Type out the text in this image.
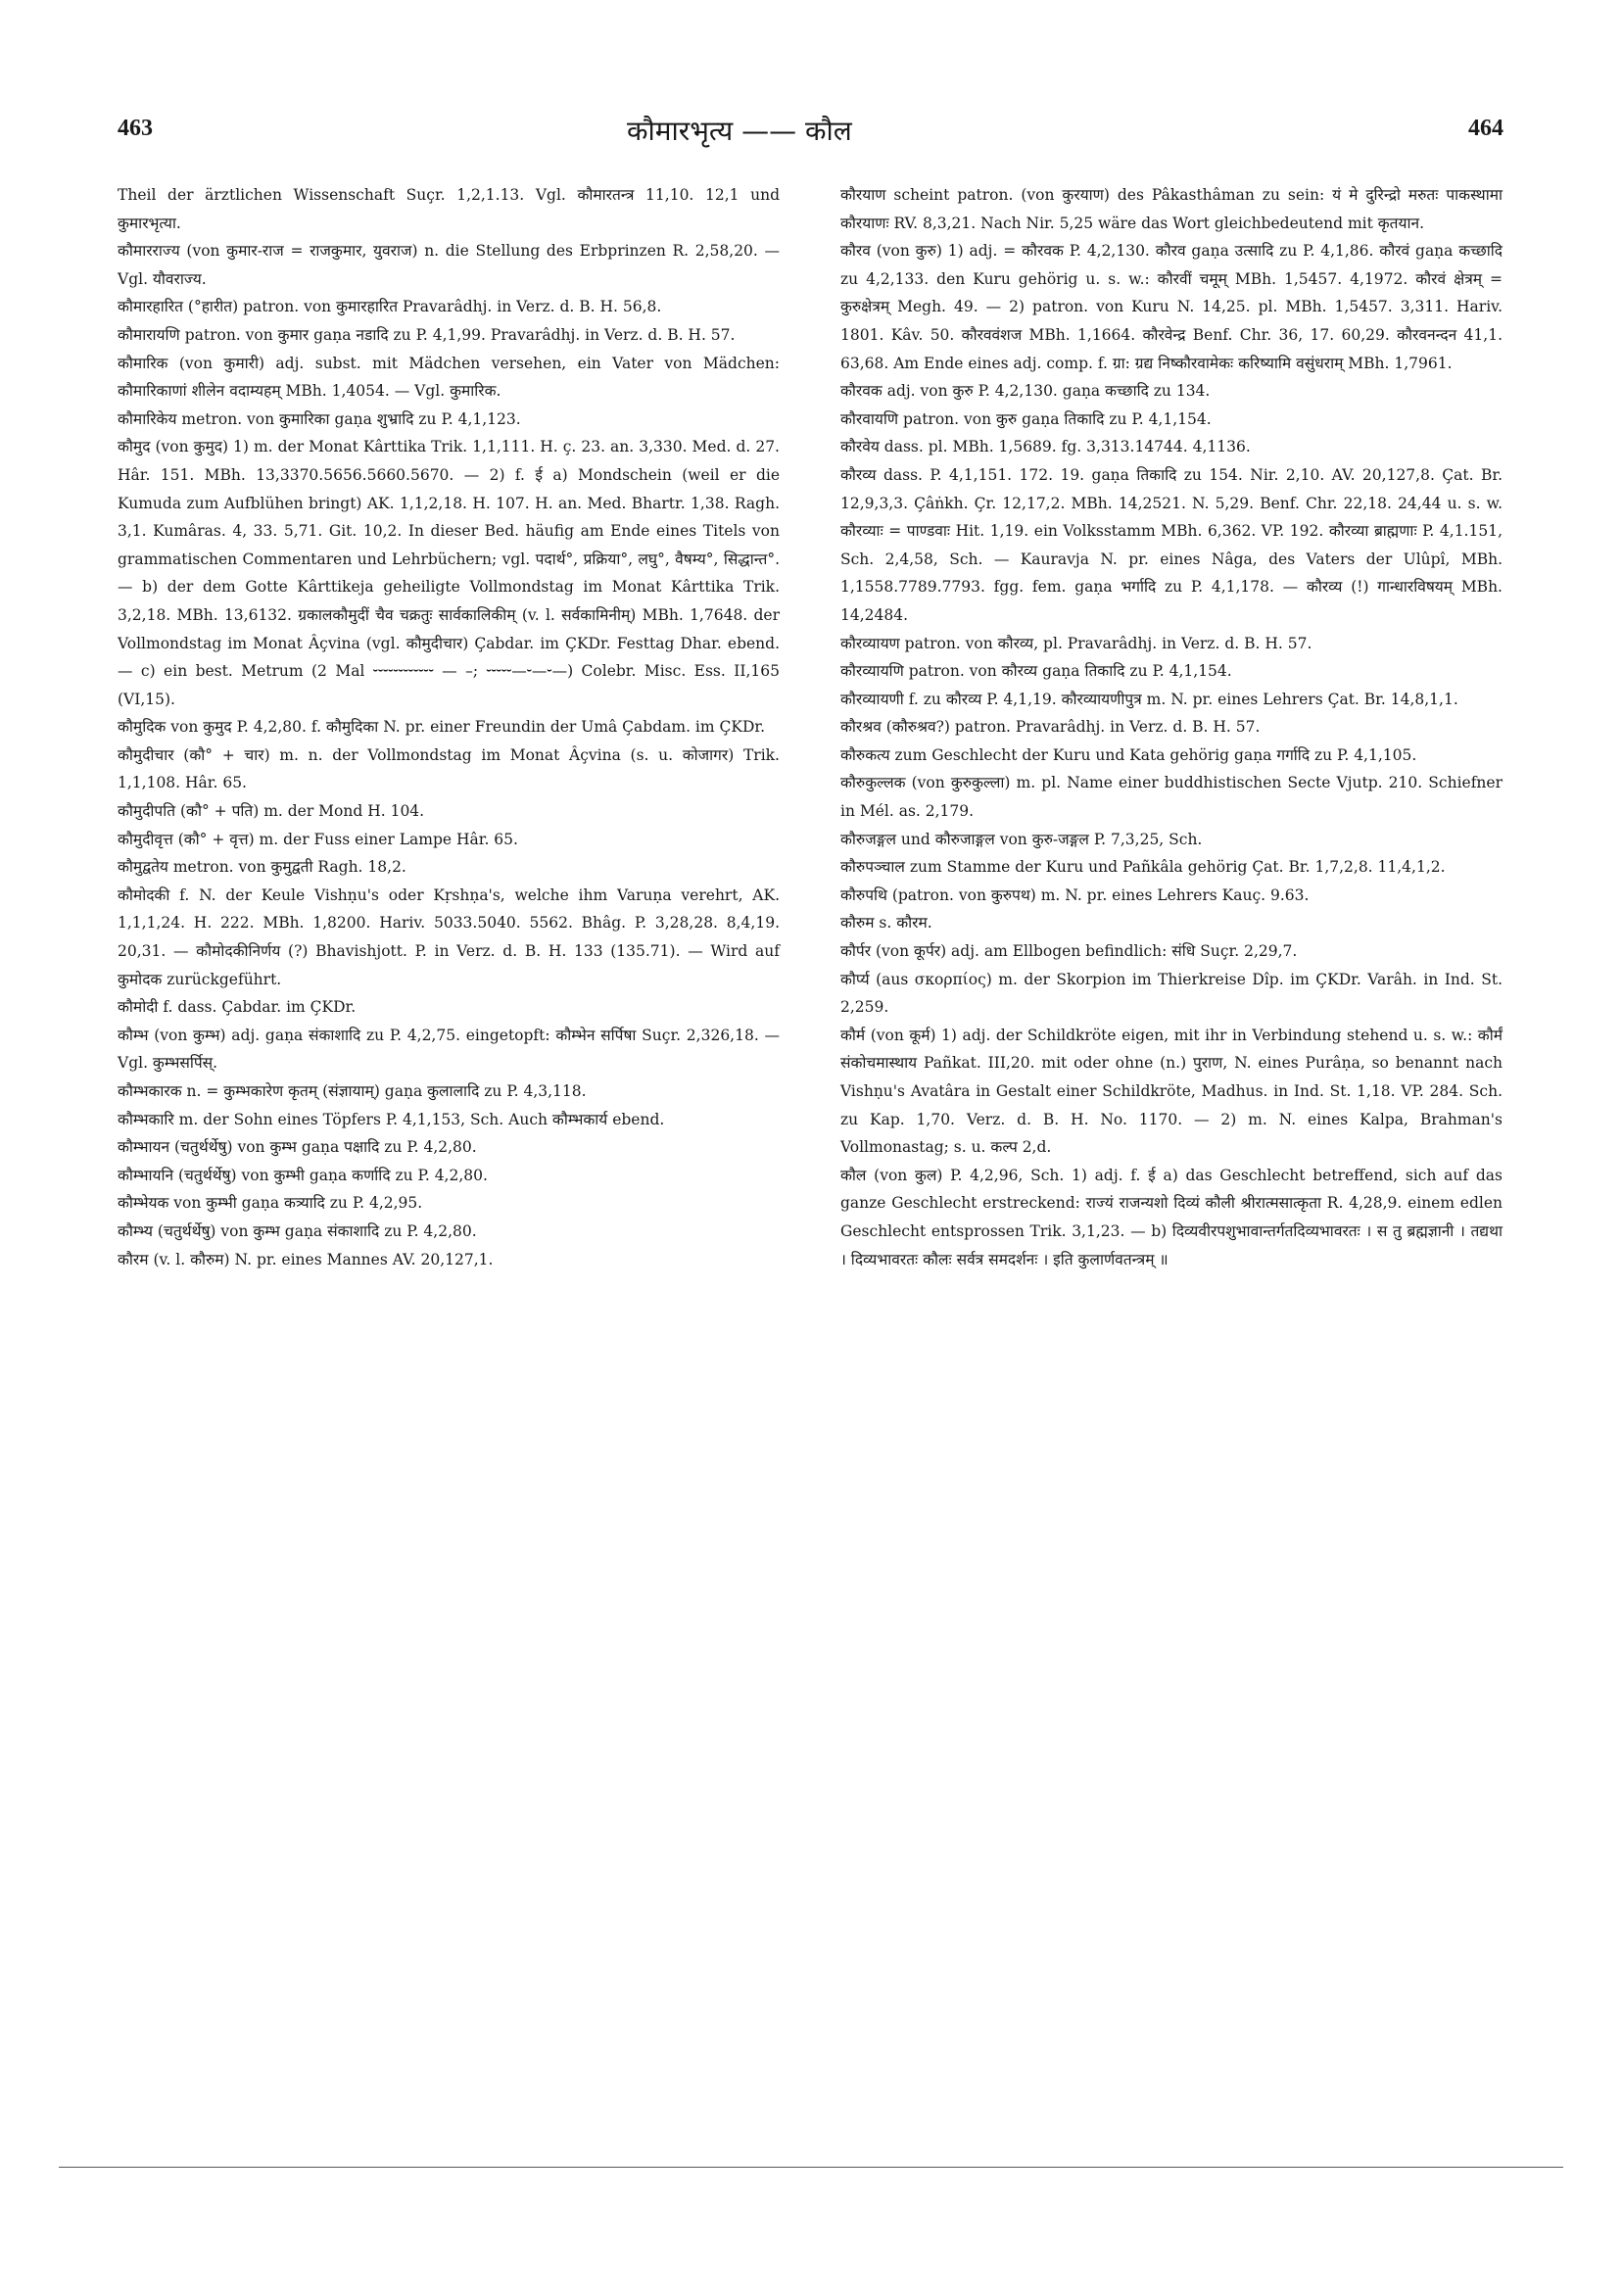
463	कौमारभृत्य —— कौल	464

Theil der ärztlichen Wissenschaft Suçr. 1,2,1.13. Vgl. कौमारतन्त्र 11,10. 12,1 und कुमारभृत्या.

कौमारराज्य (von कुमार-राज = राजकुमार, युवराज) n. die Stellung des Erbprinzen R. 2,58,20. — Vgl. यौवराज्य.

कौमारहारित (°हारीत) patron. von कुमारहारित Pravarâdhj. in Verz. d. B. H. 56,8.

कौमारायणि patron. von कुमार gaṇa नडादि zu P. 4,1,99. Pravarâdhj. in Verz. d. B. H. 57.

कौमारिक (von कुमारी) adj. subst. mit Mädchen versehen, ein Vater von Mädchen: कौमारिकाणां शीलेन वदाम्यहम् MBh. 1,4054. — Vgl. कुमारिक.

कौमारिकेय metron. von कुमारिका gaṇa शुभ्रादि zu P. 4,1,123.

कौमुद (von कुमुद) 1) m. der Monat Kârttika Trik. 1,1,111. H. ç. 23. an. 3,330. Med. d. 27. Hâr. 151. MBh. 13,3370.5656.5660.5670. — 2) f. ई a) Mondschein (weil er die Kumuda zum Aufblühen bringt) AK. 1,1,2,18. H. 107. H. an. Med. Bhartr. 1,38. Ragh. 3,1. Kumâras. 4, 33. 5,71. Git. 10,2. In dieser Bed. häufig am Ende eines Titels von grammatischen Commentaren und Lehrbüchern; vgl. पदार्थ°, प्रक्रिया°, लघु°, वैषम्य°, सिद्धान्त°. — b) der dem Gotte Kârttikeja geheiligte Vollmondstag im Monat Kârttika Trik. 3,2,18. MBh. 13,6132. ग्रकालकौमुदीं चैव चक्रतुः सार्वकालिकीम् (v. l. सर्वकामिनीम्) MBh. 1,7648. der Vollmondstag im Monat Âçvina (vgl. कौमुदीचार) Çabdar. im ÇKDr. Festtag Dhar. ebend. — c) ein best. Metrum (2 Mal ⏑⏑⏑⏑⏑⏑⏑⏑⏑⏑⏑⏑ — –; ⏑⏑⏑⏑⏑—⏑—⏑—) Colebr. Misc. Ess. II,165 (VI,15).

कौमुदिक von कुमुद P. 4,2,80. f. कौमुदिका N. pr. einer Freundin der Umâ Çabdam. im ÇKDr.

कौमुदीचार (कौ° + चार) m. n. der Vollmondstag im Monat Âçvina (s. u. कोजागर) Trik. 1,1,108. Hâr. 65.

कौमुदीपति (कौ° + पति) m. der Mond H. 104.

कौमुदीवृत्त (कौ° + वृत्त) m. der Fuss einer Lampe Hâr. 65.

कौमुद्वतेय metron. von कुमुद्वती Ragh. 18,2.

कौमोदकी f. N. der Keule Vishṇu's oder Kṛshṇa's, welche ihm Varuṇa verehrt, AK. 1,1,1,24. H. 222. MBh. 1,8200. Hariv. 5033.5040. 5562. Bhâg. P. 3,28,28. 8,4,19. 20,31. — कौमोदकीनिर्णय (?) Bhavishjott. P. in Verz. d. B. H. 133 (135.71). — Wird auf कुमोदक zurückgeführt.

कौमोदी f. dass. Çabdar. im ÇKDr.

कौम्भ (von कुम्भ) adj. gaṇa संकाशादि zu P. 4,2,75. eingetopft: कौम्भेन सर्पिषा Suçr. 2,326,18. — Vgl. कुम्भसर्पिस्.

कौम्भकारक n. = कुम्भकारेण कृतम् (संज्ञायाम्) gaṇa कुलालादि zu P. 4,3,118.

कौम्भकारि m. der Sohn eines Töpfers P. 4,1,153, Sch. Auch कौम्भकार्य ebend.

कौम्भायन (चतुर्थर्थेषु) von कुम्भ gaṇa पक्षादि zu P. 4,2,80.

कौम्भायनि (चतुर्थर्थेषु) von कुम्भी gaṇa कर्णादि zu P. 4,2,80.

कौम्भेयक von कुम्भी gaṇa कत्र्यादि zu P. 4,2,95.

कौम्भ्य (चतुर्थर्थेषु) von कुम्भ gaṇa संकाशादि zu P. 4,2,80.

कौरम (v. l. कौरुम) N. pr. eines Mannes AV. 20,127,1.

कौरयाण scheint patron. (von कुरयाण) des Pâkasthâman zu sein: यं मे दुरिन्द्रो मरुतः पाकस्थामा कौरयाणः RV. 8,3,21. Nach Nir. 5,25 wäre das Wort gleichbedeutend mit कृतयान.

कौरव (von कुरु) 1) adj. = कौरवक P. 4,2,130. कौरव gaṇa उत्सादि zu P. 4,1,86. कौरवं gaṇa कच्छादि zu 4,2,133. den Kuru gehörig u. s. w.: कौरवीं चमूम् MBh. 1,5457. 4,1972. कौरवं क्षेत्रम् = कुरुक्षेत्रम् Megh. 49. — 2) patron. von Kuru N. 14,25. pl. MBh. 1,5457. 3,311. Hariv. 1801. Kâv. 50. कौरववंशज MBh. 1,1664. कौरवेन्द्र Benf. Chr. 36, 17. 60,29. कौरवनन्दन 41,1. 63,68. Am Ende eines adj. comp. f. ग्रा: ग्रद्य निष्कौरवामेकः करिष्यामि वसुंधराम् MBh. 1,7961.

कौरवक adj. von कुरु P. 4,2,130. gaṇa कच्छादि zu 134.

कौरवायणि patron. von कुरु gaṇa तिकादि zu P. 4,1,154.

कौरवेय dass. pl. MBh. 1,5689. fg. 3,313.14744. 4,1136.

कौरव्य dass. P. 4,1,151. 172. 19. gaṇa तिकादि zu 154. Nir. 2,10. AV. 20,127,8. Çat. Br. 12,9,3,3. Çâṅkh. Çr. 12,17,2. MBh. 14,2521. N. 5,29. Benf. Chr. 22,18. 24,44 u. s. w. कौरव्याः = पाण्डवाः Hit. 1,19. ein Volksstamm MBh. 6,362. VP. 192. कौरव्या ब्राह्मणाः P. 4,1.151, Sch. 2,4,58, Sch. — Kauravja N. pr. eines Nâga, des Vaters der Ulûpî, MBh. 1,1558.7789.7793. fgg. fem. gaṇa भर्गादि zu P. 4,1,178. — कौरव्य (!) गान्धारविषयम् MBh. 14,2484.

कौरव्यायण patron. von कौरव्य, pl. Pravarâdhj. in Verz. d. B. H. 57.

कौरव्यायणि patron. von कौरव्य gaṇa तिकादि zu P. 4,1,154.

कौरव्यायणी f. zu कौरव्य P. 4,1,19. कौरव्यायणीपुत्र m. N. pr. eines Lehrers Çat. Br. 14,8,1,1.

कौरश्रव (कौरुश्रव?) patron. Pravarâdhj. in Verz. d. B. H. 57.

कौरुकत्य zum Geschlecht der Kuru und Kata gehörig gaṇa गर्गादि zu P. 4,1,105.

कौरुकुल्लक (von कुरुकुल्ला) m. pl. Name einer buddhistischen Secte Vjutp. 210. Schiefner in Mél. as. 2,179.

कौरुजङ्गल und कौरुजाङ्गल von कुरु-जङ्गल P. 7,3,25, Sch.

कौरुपञ्चाल zum Stamme der Kuru und Pañkâla gehörig Çat. Br. 1,7,2,8. 11,4,1,2.

कौरुपथि (patron. von कुरुपथ) m. N. pr. eines Lehrers Kauç. 9.63.

कौरुम s. कौरम.

कौर्पर (von कूर्पर) adj. am Ellbogen befindlich: संधि Suçr. 2,29,7.

कौर्प्य (aus σκορπίος) m. der Skorpion im Thierkreise Dîp. im ÇKDr. Varâh. in Ind. St. 2,259.

कौर्म (von कूर्म) 1) adj. der Schildkröte eigen, mit ihr in Verbindung stehend u. s. w.: कौर्मं संकोचमास्थाय Pañkat. III,20. mit oder ohne (n.) पुराण, N. eines Purâṇa, so benannt nach Vishṇu's Avatâra in Gestalt einer Schildkröte, Madhus. in Ind. St. 1,18. VP. 284. Sch. zu Kap. 1,70. Verz. d. B. H. No. 1170. — 2) m. N. eines Kalpa, Brahman's Vollmonastag; s. u. कल्प 2,d.

कौल (von कुल) P. 4,2,96, Sch. 1) adj. f. ई a) das Geschlecht betreffend, sich auf das ganze Geschlecht erstreckend: राज्यं राजन्यशो दिव्यं कौली श्रीरात्मसात्कृता R. 4,28,9. einem edlen Geschlecht entsprossen Trik. 3,1,23. — b) दिव्यवीरपशुभावान्तर्गतदिव्यभावरतः । स तु ब्रह्मज्ञानी । तद्यथा । दिव्यभावरतः कौलः सर्वत्र समदर्शनः । इति कुलार्णवतन्त्रम् ॥
